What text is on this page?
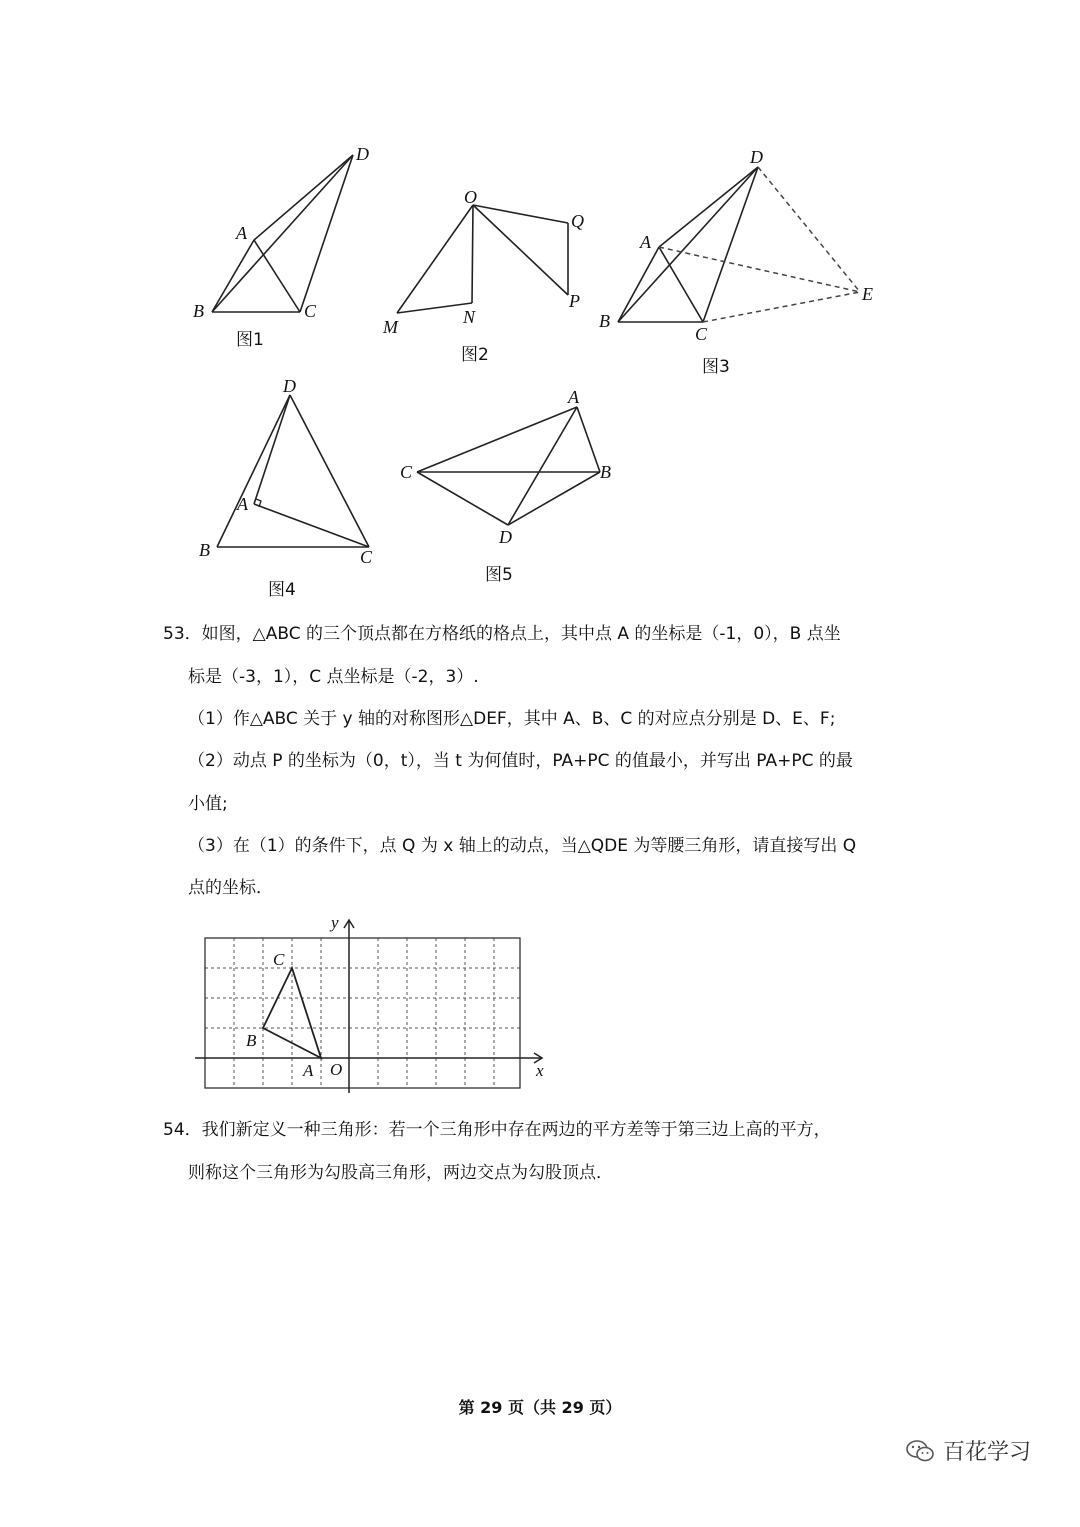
D
A
B	C
图1
O
Q
P
M	N
图2
D
A
E
B
C
图3
D
A
B	C
图4
A
C	B
D
图5
53．如图，△ABC 的三个顶点都在方格纸的格点上，其中点 A 的坐标是（-1，0），B 点坐
标是（-3，1），C 点坐标是（-2，3）.
（1）作△ABC 关于 y 轴的对称图形△DEF，其中 A、B、C 的对应点分别是 D、E、F;
（2）动点 P 的坐标为（0，t），当 t 为何值时，PA+PC 的值最小，并写出 PA+PC 的最
小值;
（3）在（1）的条件下，点 Q 为 x 轴上的动点，当△QDE 为等腰三角形，请直接写出 Q
点的坐标．
y
x
O
A
B
C
54．我们新定义一种三角形：若一个三角形中存在两边的平方差等于第三边上高的平方，
则称这个三角形为勾股高三角形，两边交点为勾股顶点．
第 29 页（共 29 页）
百花学习
